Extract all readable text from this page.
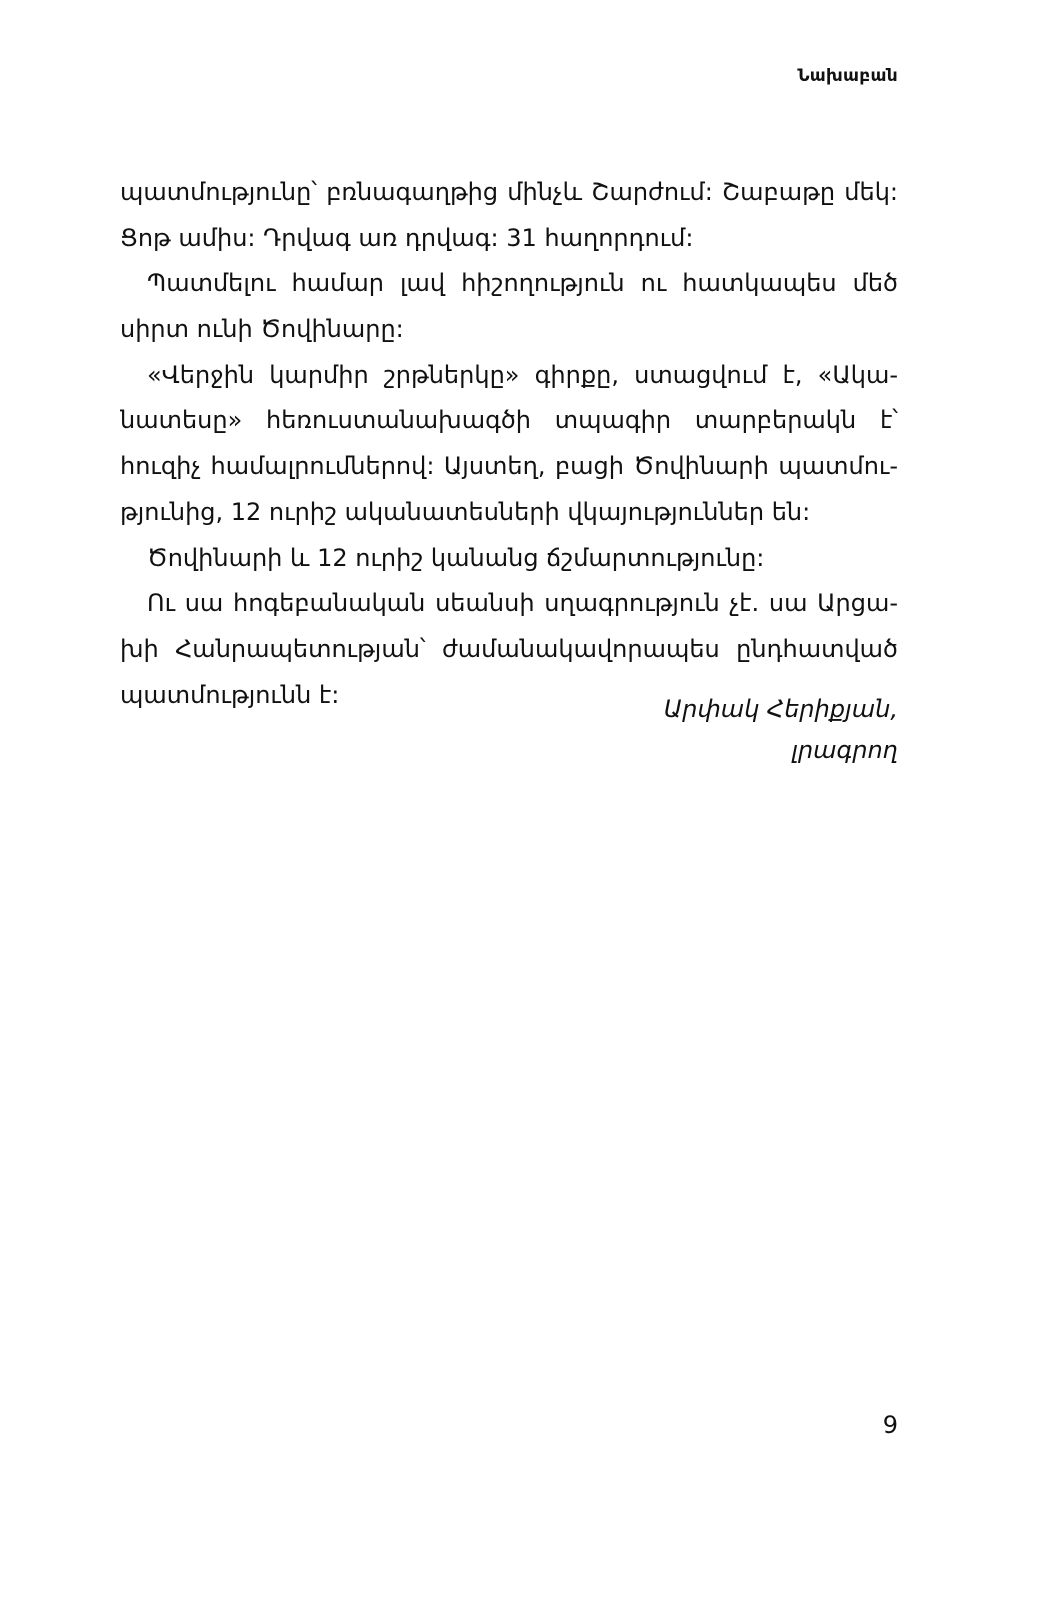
Նախաբան
պատմությունը՝ բռնագաղթից մինչև Շարժում: Շաբաթը մեկ:
Ցոթ ամիս: Դրվագ առ դրվագ: 31 հաղորդում:
Պատմելու համար լավ հիշողություն ու հատկապես մեծ
սիրտ ունի Ծովինարը:
«Վերջին կարմիր շրթներկը» գիրքը, ստացվում է, «Ակա-
նատեսը» հեռուստանախագծի տպագիր տարբերակն է՝
հուզիչ համալրումներով: Այստեղ, բացի Ծովինարի պատմու-
թյունից, 12 ուրիշ ականատեսների վկայություններ են:
Ծովինարի և 12 ուրիշ կանանց ճշմարտությունը:
Ու սա հոգեբանական սեանսի սղագրություն չէ. սա Արցա-
խի Հանրապետության՝ ժամանակավորապես ընդհատված
պատմությունն է:
Արփակ Հերիքյան,
լրագրող
9
